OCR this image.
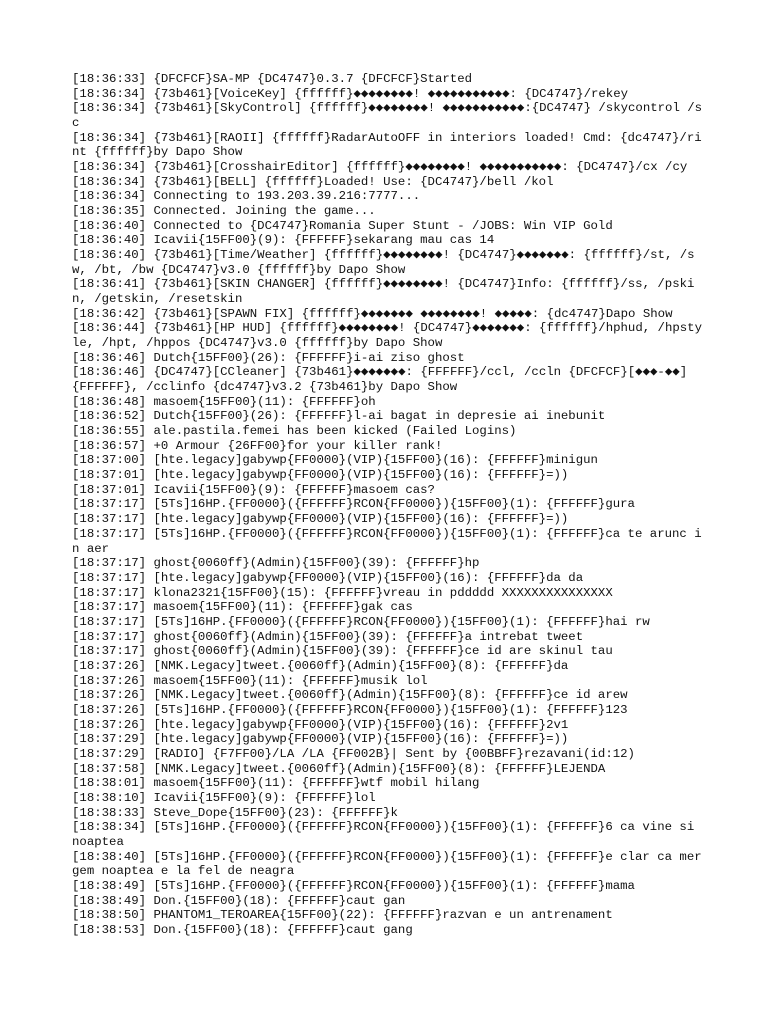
[18:36:33] {DFCFCF}SA-MP {DC4747}0.3.7 {DFCFCF}Started

[18:36:34] {73b461}[VoiceKey] {ffffff}◆◆◆◆◆◆◆◆! ◆◆◆◆◆◆◆◆◆◆◆: {DC4747}/rekey

[18:36:34] {73b461}[SkyControl] {ffffff}◆◆◆◆◆◆◆◆! ◆◆◆◆◆◆◆◆◆◆◆:{DC4747} /skycontrol /sc

[18:36:34] {73b461}[RAOII] {ffffff}RadarAutoOFF in interiors loaded! Cmd: {dc4747}/rint {ffffff}by Dapo Show

[18:36:34] {73b461}[CrosshairEditor] {ffffff}◆◆◆◆◆◆◆◆! ◆◆◆◆◆◆◆◆◆◆◆: {DC4747}/cx /cy

[18:36:34] {73b461}[BELL] {ffffff}Loaded! Use: {DC4747}/bell /kol

[18:36:34] Connecting to 193.203.39.216:7777...

[18:36:35] Connected. Joining the game...

[18:36:40] Connected to {DC4747}Romania Super Stunt - /JOBS: Win VIP Gold

[18:36:40] Icavii{15FF00}(9): {FFFFFF}sekarang mau cas 14

[18:36:40] {73b461}[Time/Weather] {ffffff}◆◆◆◆◆◆◆◆! {DC4747}◆◆◆◆◆◆◆: {ffffff}/st, /sw, /bt, /bw {DC4747}v3.0 {ffffff}by Dapo Show

[18:36:41] {73b461}[SKIN CHANGER] {ffffff}◆◆◆◆◆◆◆◆! {DC4747}Info: {ffffff}/ss, /pskin, /getskin, /resetskin

[18:36:42] {73b461}[SPAWN FIX] {ffffff}◆◆◆◆◆◆◆ ◆◆◆◆◆◆◆◆! ◆◆◆◆◆: {dc4747}Dapo Show

[18:36:44] {73b461}[HP HUD] {ffffff}◆◆◆◆◆◆◆◆! {DC4747}◆◆◆◆◆◆◆: {ffffff}/hphud, /hpstyle, /hpt, /hppos {DC4747}v3.0 {ffffff}by Dapo Show

[18:36:46] Dutch{15FF00}(26): {FFFFFF}i-ai ziso ghost

[18:36:46] {DC4747}[CCleaner] {73b461}◆◆◆◆◆◆◆: {FFFFFF}/ccl, /ccln {DFCFCF}[◆◆◆-◆◆] {FFFFFF}, /cclinfo {dc4747}v3.2 {73b461}by Dapo Show

[18:36:48] masoem{15FF00}(11): {FFFFFF}oh

[18:36:52] Dutch{15FF00}(26): {FFFFFF}l-ai bagat in depresie ai inebunit

[18:36:55] ale.pastila.femei has been kicked (Failed Logins)

[18:36:57] +0 Armour {26FF00}for your killer rank!

[18:37:00] [hte.legacy]gabywp{FF0000}(VIP){15FF00}(16): {FFFFFF}minigun

[18:37:01] [hte.legacy]gabywp{FF0000}(VIP){15FF00}(16): {FFFFFF}=))

[18:37:01] Icavii{15FF00}(9): {FFFFFF}masoem cas?

[18:37:17] [5Ts]16HP.{FF0000}({FFFFFF}RCON{FF0000}){15FF00}(1): {FFFFFF}gura

[18:37:17] [hte.legacy]gabywp{FF0000}(VIP){15FF00}(16): {FFFFFF}=))

[18:37:17] [5Ts]16HP.{FF0000}({FFFFFF}RCON{FF0000}){15FF00}(1): {FFFFFF}ca te arunc in aer

[18:37:17] ghost{0060ff}(Admin){15FF00}(39): {FFFFFF}hp

[18:37:17] [hte.legacy]gabywp{FF0000}(VIP){15FF00}(16): {FFFFFF}da da

[18:37:17] klona2321{15FF00}(15): {FFFFFF}vreau in pddddd XXXXXXXXXXXXXXX

[18:37:17] masoem{15FF00}(11): {FFFFFF}gak cas

[18:37:17] [5Ts]16HP.{FF0000}({FFFFFF}RCON{FF0000}){15FF00}(1): {FFFFFF}hai rw

[18:37:17] ghost{0060ff}(Admin){15FF00}(39): {FFFFFF}a intrebat tweet

[18:37:17] ghost{0060ff}(Admin){15FF00}(39): {FFFFFF}ce id are skinul tau

[18:37:26] [NMK.Legacy]tweet.{0060ff}(Admin){15FF00}(8): {FFFFFF}da

[18:37:26] masoem{15FF00}(11): {FFFFFF}musik lol

[18:37:26] [NMK.Legacy]tweet.{0060ff}(Admin){15FF00}(8): {FFFFFF}ce id arew

[18:37:26] [5Ts]16HP.{FF0000}({FFFFFF}RCON{FF0000}){15FF00}(1): {FFFFFF}123

[18:37:26] [hte.legacy]gabywp{FF0000}(VIP){15FF00}(16): {FFFFFF}2v1

[18:37:29] [hte.legacy]gabywp{FF0000}(VIP){15FF00}(16): {FFFFFF}=))

[18:37:29] [RADIO] {F7FF00}/LA /LA {FF002B}| Sent by {00BBFF}rezavani(id:12)

[18:37:58] [NMK.Legacy]tweet.{0060ff}(Admin){15FF00}(8): {FFFFFF}LEJENDA

[18:38:01] masoem{15FF00}(11): {FFFFFF}wtf mobil hilang

[18:38:10] Icavii{15FF00}(9): {FFFFFF}lol

[18:38:33] Steve_Dope{15FF00}(23): {FFFFFF}k

[18:38:34] [5Ts]16HP.{FF0000}({FFFFFF}RCON{FF0000}){15FF00}(1): {FFFFFF}6 ca vine si noaptea

[18:38:40] [5Ts]16HP.{FF0000}({FFFFFF}RCON{FF0000}){15FF00}(1): {FFFFFF}e clar ca mergem noaptea e la fel de neagra

[18:38:49] [5Ts]16HP.{FF0000}({FFFFFF}RCON{FF0000}){15FF00}(1): {FFFFFF}mama

[18:38:49] Don.{15FF00}(18): {FFFFFF}caut gan

[18:38:50] PHANTOM1_TEROAREA{15FF00}(22): {FFFFFF}razvan e un antrenament

[18:38:53] Don.{15FF00}(18): {FFFFFF}caut gang
